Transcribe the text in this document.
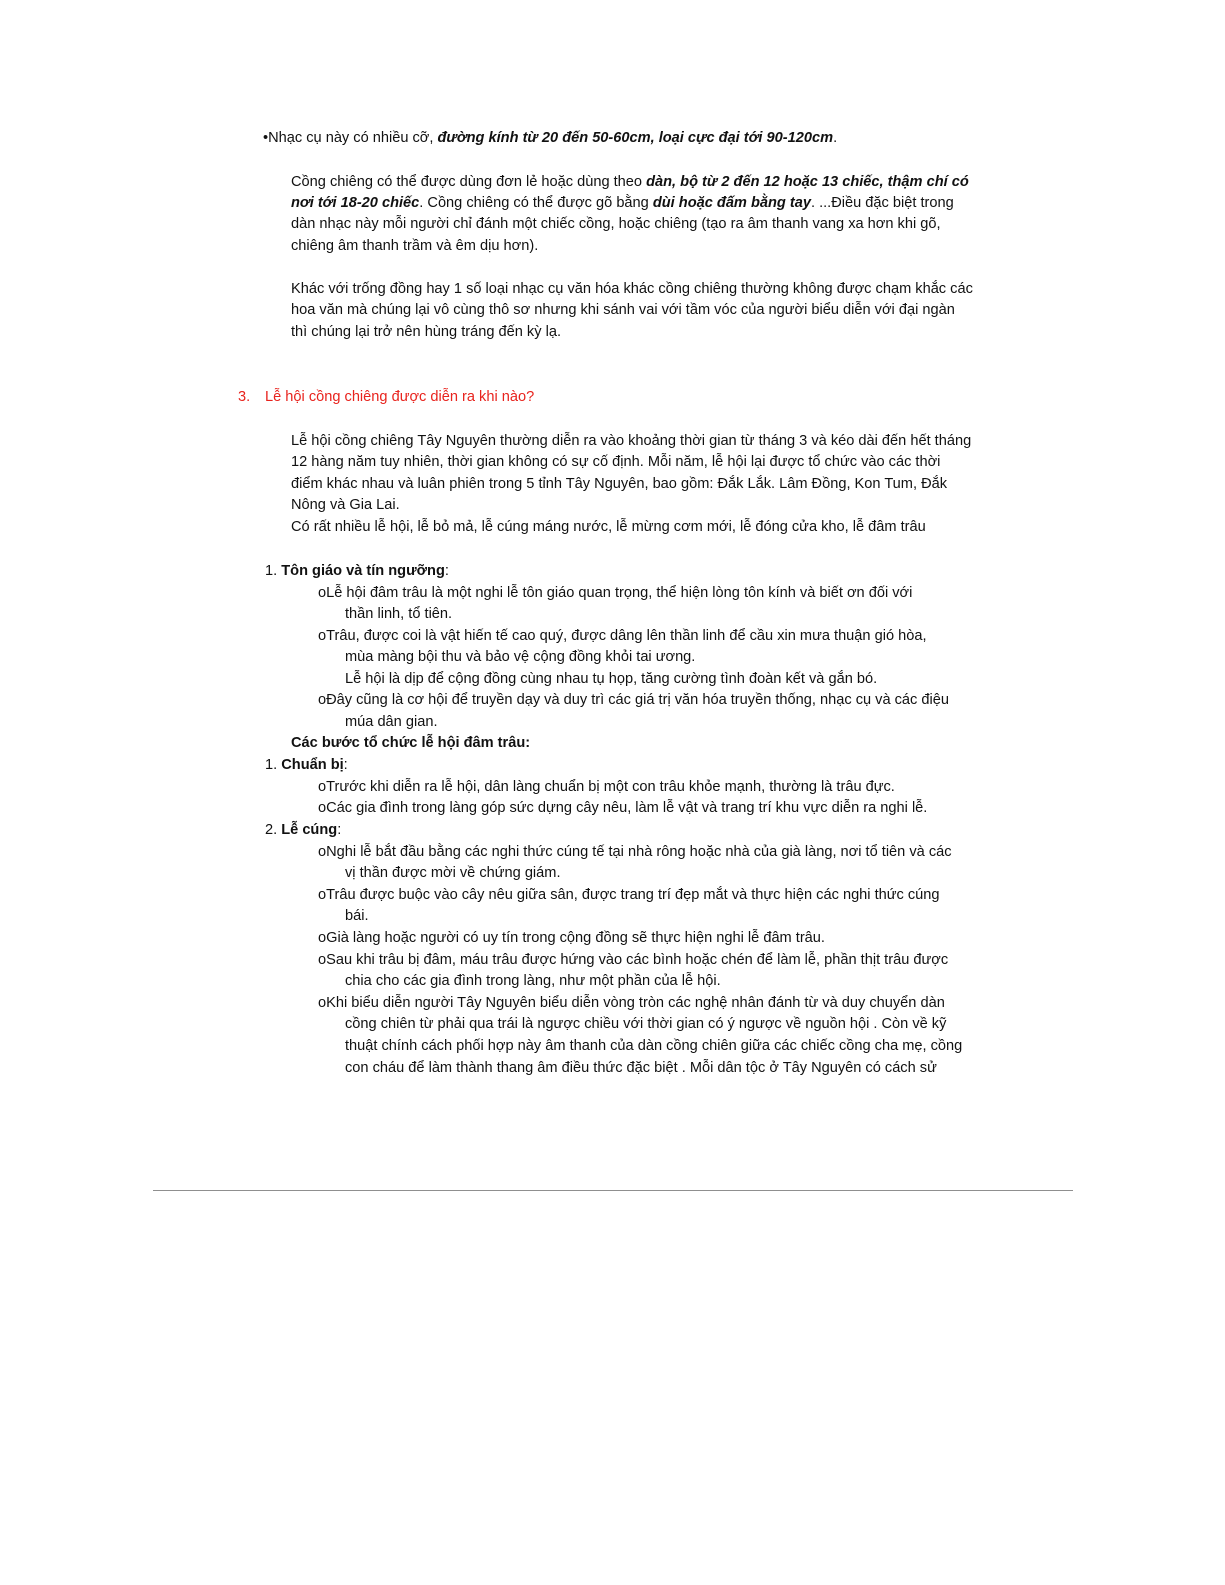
•Nhạc cụ này có nhiều cỡ, đường kính từ 20 đến 50-60cm, loại cực đại tới 90-120cm.
Cồng chiêng có thể được dùng đơn lẻ hoặc dùng theo dàn, bộ từ 2 đến 12 hoặc 13 chiếc, thậm chí có
nơi tới 18-20 chiếc. Cồng chiêng có thể được gõ bằng dùi hoặc đấm bằng tay. ...Điều đặc biệt trong
dàn nhạc này mỗi người chỉ đánh một chiếc cồng, hoặc chiêng (tạo ra âm thanh vang xa hơn khi gõ,
chiêng âm thanh trầm và êm dịu hơn).
Khác với trống đồng hay 1 số loại nhạc cụ văn hóa khác cồng chiêng thường không được chạm khắc các
hoa văn mà chúng lại vô cùng thô sơ nhưng khi sánh vai với tầm vóc của người biểu diễn với đại ngàn
thì chúng lại trở nên hùng tráng đến kỳ lạ.
3. Lễ hội cồng chiêng được diễn ra khi nào?
Lễ hội cồng chiêng Tây Nguyên thường diễn ra vào khoảng thời gian từ tháng 3 và kéo dài đến hết tháng
12 hàng năm tuy nhiên, thời gian không có sự cố định. Mỗi năm, lễ hội lại được tổ chức vào các thời
điểm khác nhau và luân phiên trong 5 tỉnh Tây Nguyên, bao gồm: Đắk Lắk. Lâm Đồng, Kon Tum, Đắk
Nông và Gia Lai.
Có rất nhiều lễ hội, lễ bỏ mả, lễ cúng máng nước, lễ mừng cơm mới, lễ đóng cửa kho, lễ đâm trâu
1. Tôn giáo và tín ngưỡng:
oLễ hội đâm trâu là một nghi lễ tôn giáo quan trọng, thể hiện lòng tôn kính và biết ơn đối với
thần linh, tổ tiên.
oTrâu, được coi là vật hiến tế cao quý, được dâng lên thần linh để cầu xin mưa thuận gió hòa,
mùa màng bội thu và bảo vệ cộng đồng khỏi tai ương.
Lễ hội là dịp để cộng đồng cùng nhau tụ họp, tăng cường tình đoàn kết và gắn bó.
oĐây cũng là cơ hội để truyền dạy và duy trì các giá trị văn hóa truyền thống, nhạc cụ và các điệu
múa dân gian.
Các bước tổ chức lễ hội đâm trâu:
1. Chuẩn bị:
oTrước khi diễn ra lễ hội, dân làng chuẩn bị một con trâu khỏe mạnh, thường là trâu đực.
oCác gia đình trong làng góp sức dựng cây nêu, làm lễ vật và trang trí khu vực diễn ra nghi lễ.
2. Lễ cúng:
oNghi lễ bắt đầu bằng các nghi thức cúng tế tại nhà rông hoặc nhà của già làng, nơi tổ tiên và các
vị thần được mời về chứng giám.
oTrâu được buộc vào cây nêu giữa sân, được trang trí đẹp mắt và thực hiện các nghi thức cúng
bái.
oGià làng hoặc người có uy tín trong cộng đồng sẽ thực hiện nghi lễ đâm trâu.
oSau khi trâu bị đâm, máu trâu được hứng vào các bình hoặc chén để làm lễ, phần thịt trâu được
chia cho các gia đình trong làng, như một phần của lễ hội.
oKhi biểu diễn người Tây Nguyên biểu diễn vòng tròn các nghệ nhân đánh từ và duy chuyển dàn
cồng chiên từ phải qua trái là ngược chiều với thời gian có ý ngược về nguồn hội . Còn về kỹ
thuật chính cách phối hợp này âm thanh của dàn cồng chiên giữa các chiếc cồng cha mẹ, cồng
con cháu để làm thành thang âm điều thức đặc biệt . Mỗi dân tộc ở Tây Nguyên có cách sử
